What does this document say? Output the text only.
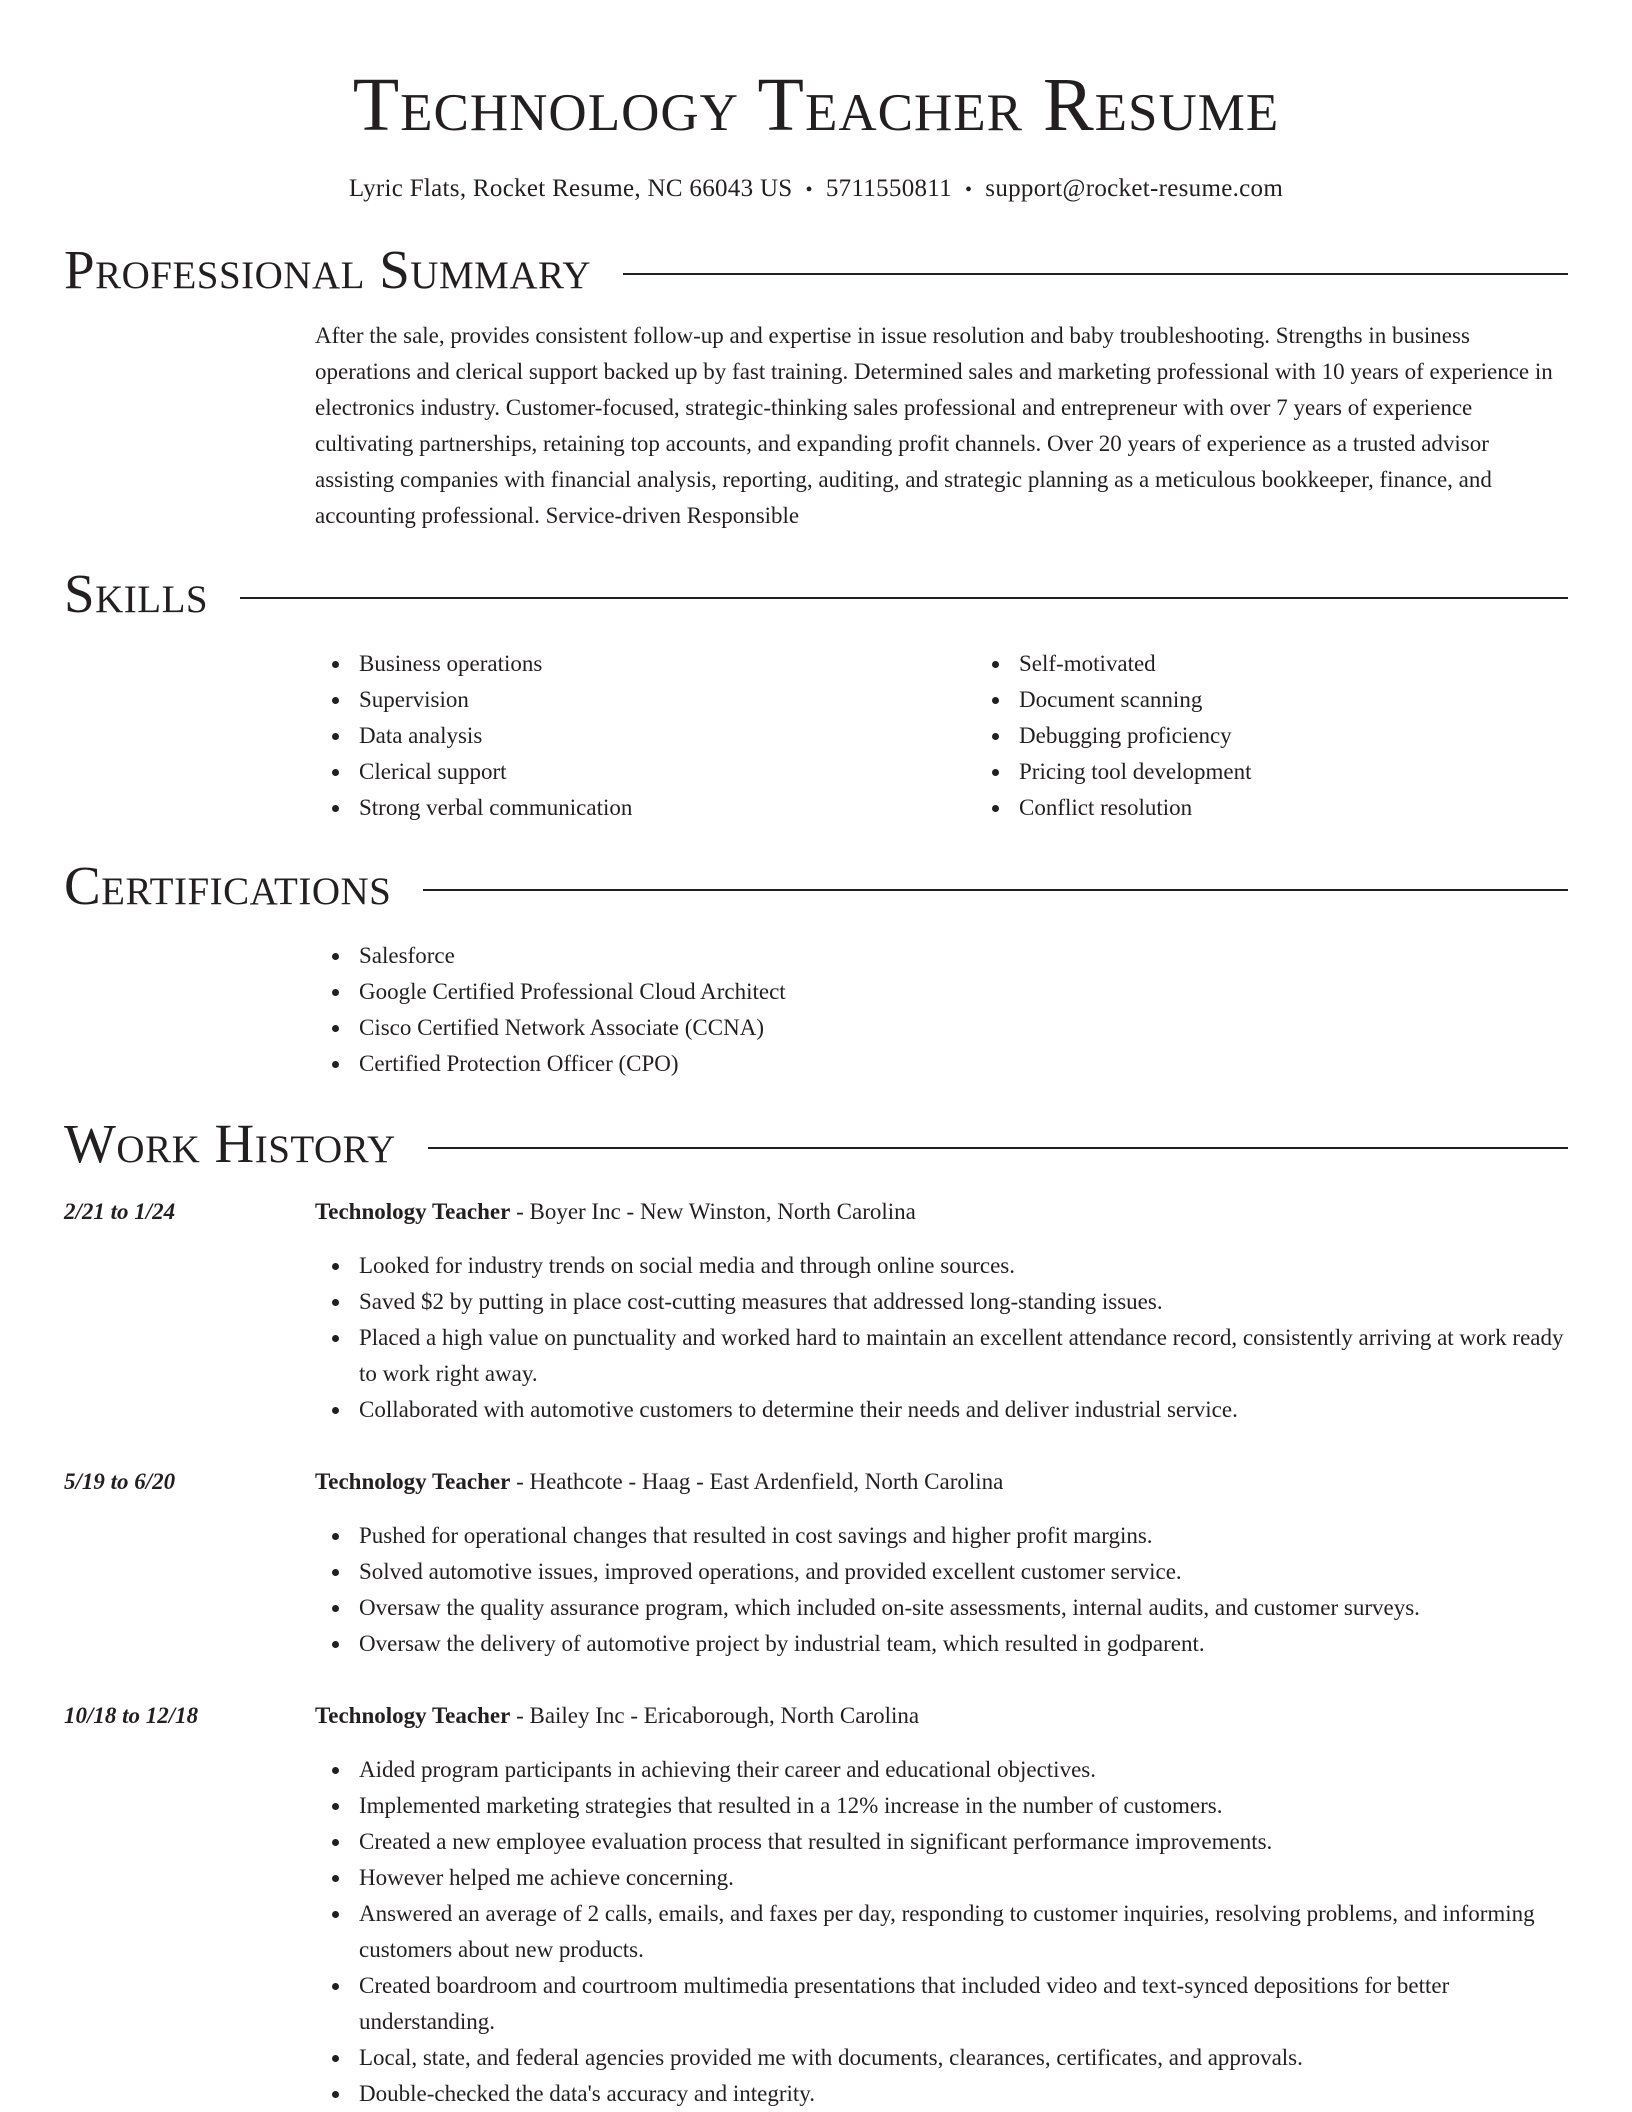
Technology Teacher Resume
Lyric Flats, Rocket Resume, NC 66043 US • 5711550811 • support@rocket-resume.com
Professional Summary

After the sale, provides consistent follow-up and expertise in issue resolution and baby troubleshooting. Strengths in business operations and clerical support backed up by fast training. Determined sales and marketing professional with 10 years of experience in electronics industry. Customer-focused, strategic-thinking sales professional and entrepreneur with over 7 years of experience cultivating partnerships, retaining top accounts, and expanding profit channels. Over 20 years of experience as a trusted advisor assisting companies with financial analysis, reporting, auditing, and strategic planning as a meticulous bookkeeper, finance, and accounting professional. Service-driven Responsible

Skills
Business operations
Supervision
Data analysis
Clerical support
Strong verbal communication
Self-motivated
Document scanning
Debugging proficiency
Pricing tool development
Conflict resolution
Certifications
Salesforce
Google Certified Professional Cloud Architect
Cisco Certified Network Associate (CCNA)
Certified Protection Officer (CPO)
Work History
2/21 to 1/24	Technology Teacher - Boyer Inc - New Winston, North Carolina
Looked for industry trends on social media and through online sources.
Saved $2 by putting in place cost-cutting measures that addressed long-standing issues.
Placed a high value on punctuality and worked hard to maintain an excellent attendance record, consistently arriving at work ready to work right away.
Collaborated with automotive customers to determine their needs and deliver industrial service.
5/19 to 6/20	Technology Teacher - Heathcote - Haag - East Ardenfield, North Carolina
Pushed for operational changes that resulted in cost savings and higher profit margins.
Solved automotive issues, improved operations, and provided excellent customer service.
Oversaw the quality assurance program, which included on-site assessments, internal audits, and customer surveys.
Oversaw the delivery of automotive project by industrial team, which resulted in godparent.
10/18 to 12/18	Technology Teacher - Bailey Inc - Ericaborough, North Carolina
Aided program participants in achieving their career and educational objectives.
Implemented marketing strategies that resulted in a 12% increase in the number of customers.
Created a new employee evaluation process that resulted in significant performance improvements.
However helped me achieve concerning.
Answered an average of 2 calls, emails, and faxes per day, responding to customer inquiries, resolving problems, and informing customers about new products.
Created boardroom and courtroom multimedia presentations that included video and text-synced depositions for better understanding.
Local, state, and federal agencies provided me with documents, clearances, certificates, and approvals.
Double-checked the data's accuracy and integrity.
